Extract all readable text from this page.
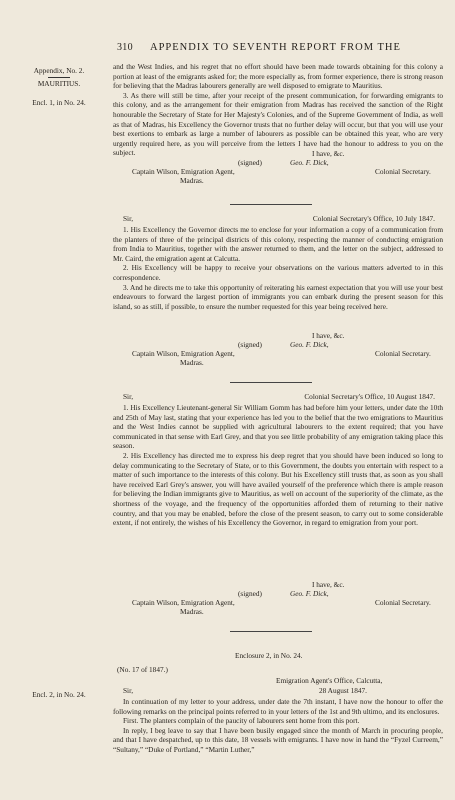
310 APPENDIX TO SEVENTH REPORT FROM THE
Appendix, No. 2.
MAURITIUS.
Encl. 1, in No. 24.
Encl. 2, in No. 24.

and the West Indies, and his regret that no effort should have been made towards obtaining for this colony a portion at least of the emigrants asked for; the more especially as, from former experience, there is strong reason for believing that the Madras labourers generally are well disposed to emigrate to Mauritius.

3. As there will still be time, after your receipt of the present communication, for forwarding emigrants to this colony, and as the arrangement for their emigration from Madras has received the sanction of the Right honourable the Secretary of State for Her Majesty's Colonies, and of the Supreme Government of India, as well as that of Madras, his Excellency the Governor trusts that no further delay will occur, but that you will use your best exertions to embark as large a number of labourers as possible can be obtained this year, who are very urgently required here, as you will perceive from the letters I have had the honour to address to you on the subject.	I have, &c.
(signed)	Geo. F. Dick,
Colonial Secretary.
Captain Wilson, Emigration Agent,
Madras.
Sir,	Colonial Secretary's Office, 10 July 1847.

1. His Excellency the Governor directs me to enclose for your information a copy of a communication from the planters of three of the principal districts of this colony, respecting the manner of conducting emigration from India to Mauritius, together with the answer returned to them, and the letter on the subject, addressed to Mr. Caird, the emigration agent at Calcutta.

2. His Excellency will be happy to receive your observations on the various matters adverted to in this correspondence.

3. And he directs me to take this opportunity of reiterating his earnest expectation that you will use your best endeavours to forward the largest portion of immigrants you can embark during the present season for this island, so as still, if possible, to ensure the number requested for this year being received here.

I have, &c.
(signed)	Geo. F. Dick,
Colonial Secretary.
Captain Wilson, Emigration Agent,
Madras.
Sir,	Colonial Secretary's Office, 10 August 1847.

1. His Excellency Lieutenant-general Sir William Gomm has had before him your letters, under date the 10th and 25th of May last, stating that your experience has led you to the belief that the two emigrations to Mauritius and the West Indies cannot be supplied with agricultural labourers to the extent required; that you have communicated in that sense with Earl Grey, and that you see little probability of any emigration taking place this season.

2. His Excellency has directed me to express his deep regret that you should have been induced so long to delay communicating to the Secretary of State, or to this Government, the doubts you entertain with respect to a matter of such importance to the interests of this colony. But his Excellency still trusts that, as soon as you shall have received Earl Grey's answer, you will have availed yourself of the preference which there is ample reason for believing the Indian immigrants give to Mauritius, as well on account of the superiority of the climate, as the shortness of the voyage, and the frequency of the opportunities afforded them of returning to their native country, and that you may be enabled, before the close of the present season, to carry out to some considerable extent, if not entirely, the wishes of his Excellency the Governor, in regard to emigration from your port.

I have, &c.
(signed)	Geo. F. Dick,
Colonial Secretary.
Captain Wilson, Emigration Agent,
Madras.
Enclosure 2, in No. 24.
(No. 17 of 1847.)
Emigration Agent's Office, Calcutta,
Sir,	28 August 1847.

In continuation of my letter to your address, under date the 7th instant, I have now the honour to offer the following remarks on the principal points referred to in your letters of the 1st and 9th ultimo, and its enclosures.

First. The planters complain of the paucity of labourers sent home from this port.

In reply, I beg leave to say that I have been busily engaged since the month of March in procuring people, and that I have despatched, up to this date, 18 vessels with emigrants. I have now in hand the “Fyzel Curreem,” “Sultany,” “Duke of Portland,” “Martin Luther,”
